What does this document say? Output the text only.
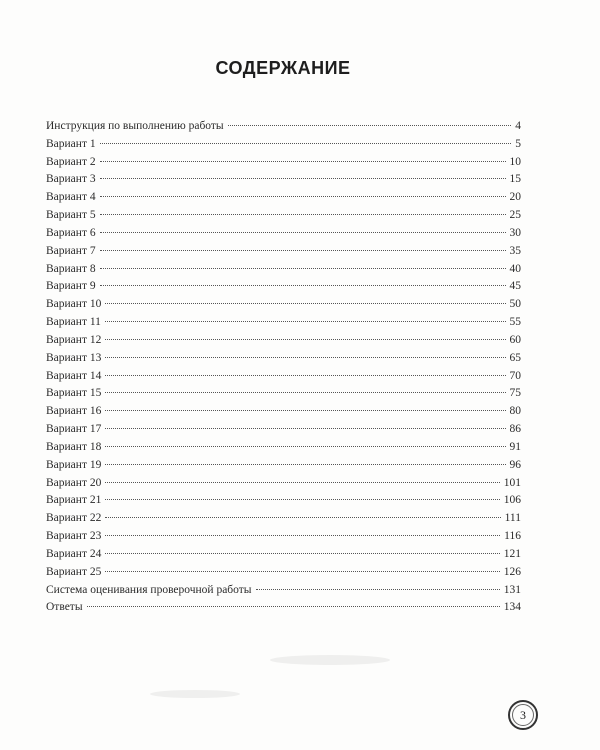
СОДЕРЖАНИЕ
Инструкция по выполнению работы	4
Вариант 1	5
Вариант 2	10
Вариант 3	15
Вариант 4	20
Вариант 5	25
Вариант 6	30
Вариант 7	35
Вариант 8	40
Вариант 9	45
Вариант 10	50
Вариант 11	55
Вариант 12	60
Вариант 13	65
Вариант 14	70
Вариант 15	75
Вариант 16	80
Вариант 17	86
Вариант 18	91
Вариант 19	96
Вариант 20	101
Вариант 21	106
Вариант 22	111
Вариант 23	116
Вариант 24	121
Вариант 25	126
Система оценивания проверочной работы	131
Ответы	134
3
